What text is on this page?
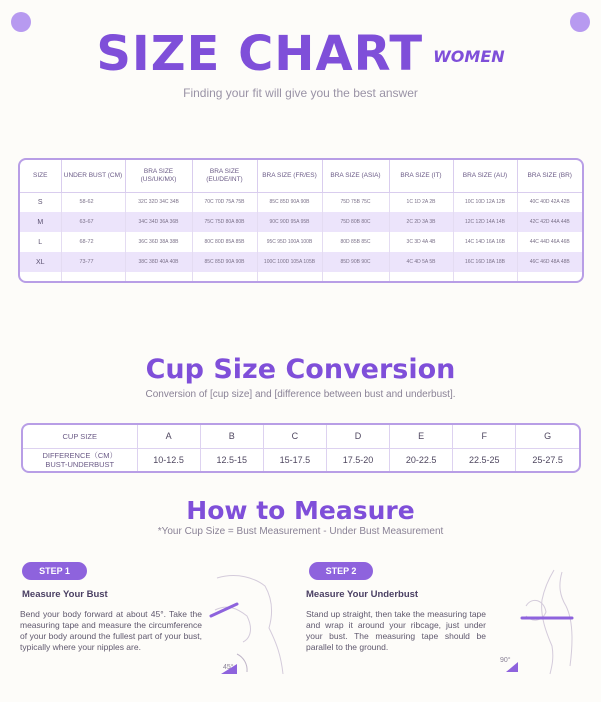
SIZE CHART WOMEN
Finding your fit will give you the best answer
SIZE	UNDER BUST (CM)	BRA SIZE (US/UK/MX)	BRA SIZE (EU/DE/INT)	BRA SIZE (FR/ES)	BRA SIZE (ASIA)	BRA SIZE (IT)	BRA SIZE (AU)	BRA SIZE (BR)
S	58-62	32C 32D 34C 34B	70C 70D 75A 75B	85C 85D 90A 90B	75D 75B 75C	1C 1D 2A 2B	10C 10D 12A 12B	40C 40D 42A 42B
M	63-67	34C 34D 36A 36B	75C 75D 80A 80B	90C 90D 95A 95B	75D 80B 80C	2C 2D 3A 3B	12C 12D 14A 14B	42C 42D 44A 44B
L	68-72	36C 36D 38A 38B	80C 80D 85A 85B	95C 95D 100A 100B	80D 85B 85C	3C 3D 4A 4B	14C 14D 16A 16B	44C 44D 46A 46B
XL	73-77	38C 38D 40A 40B	85C 85D 90A 90B	100C 100D 105A 105B	85D 90B 90C	4C 4D 5A 5B	16C 16D 18A 18B	46C 46D 48A 48B

Cup Size Conversion
Conversion of [cup size] and [difference between bust and underbust].
CUP SIZE	A	B	C	D	E	F	G

DIFFERENCE（CM）
BUST-UNDERBUST	10-12.5	12.5-15	15-17.5	17.5-20	20-22.5	22.5-25	25-27.5
How to Measure
*Your Cup Size = Bust Measurement - Under Bust Measurement
STEP 1
Measure Your Bust
Bend your body forward at about 45°. Take the measuring tape and measure the circumference of your body around the fullest part of your bust, typically where your nipples are.
45°
STEP 2
Measure Your Underbust
Stand up straight, then take the measuring tape and wrap it around your ribcage, just under your bust. The measuring tape should be parallel to the ground.
90°
